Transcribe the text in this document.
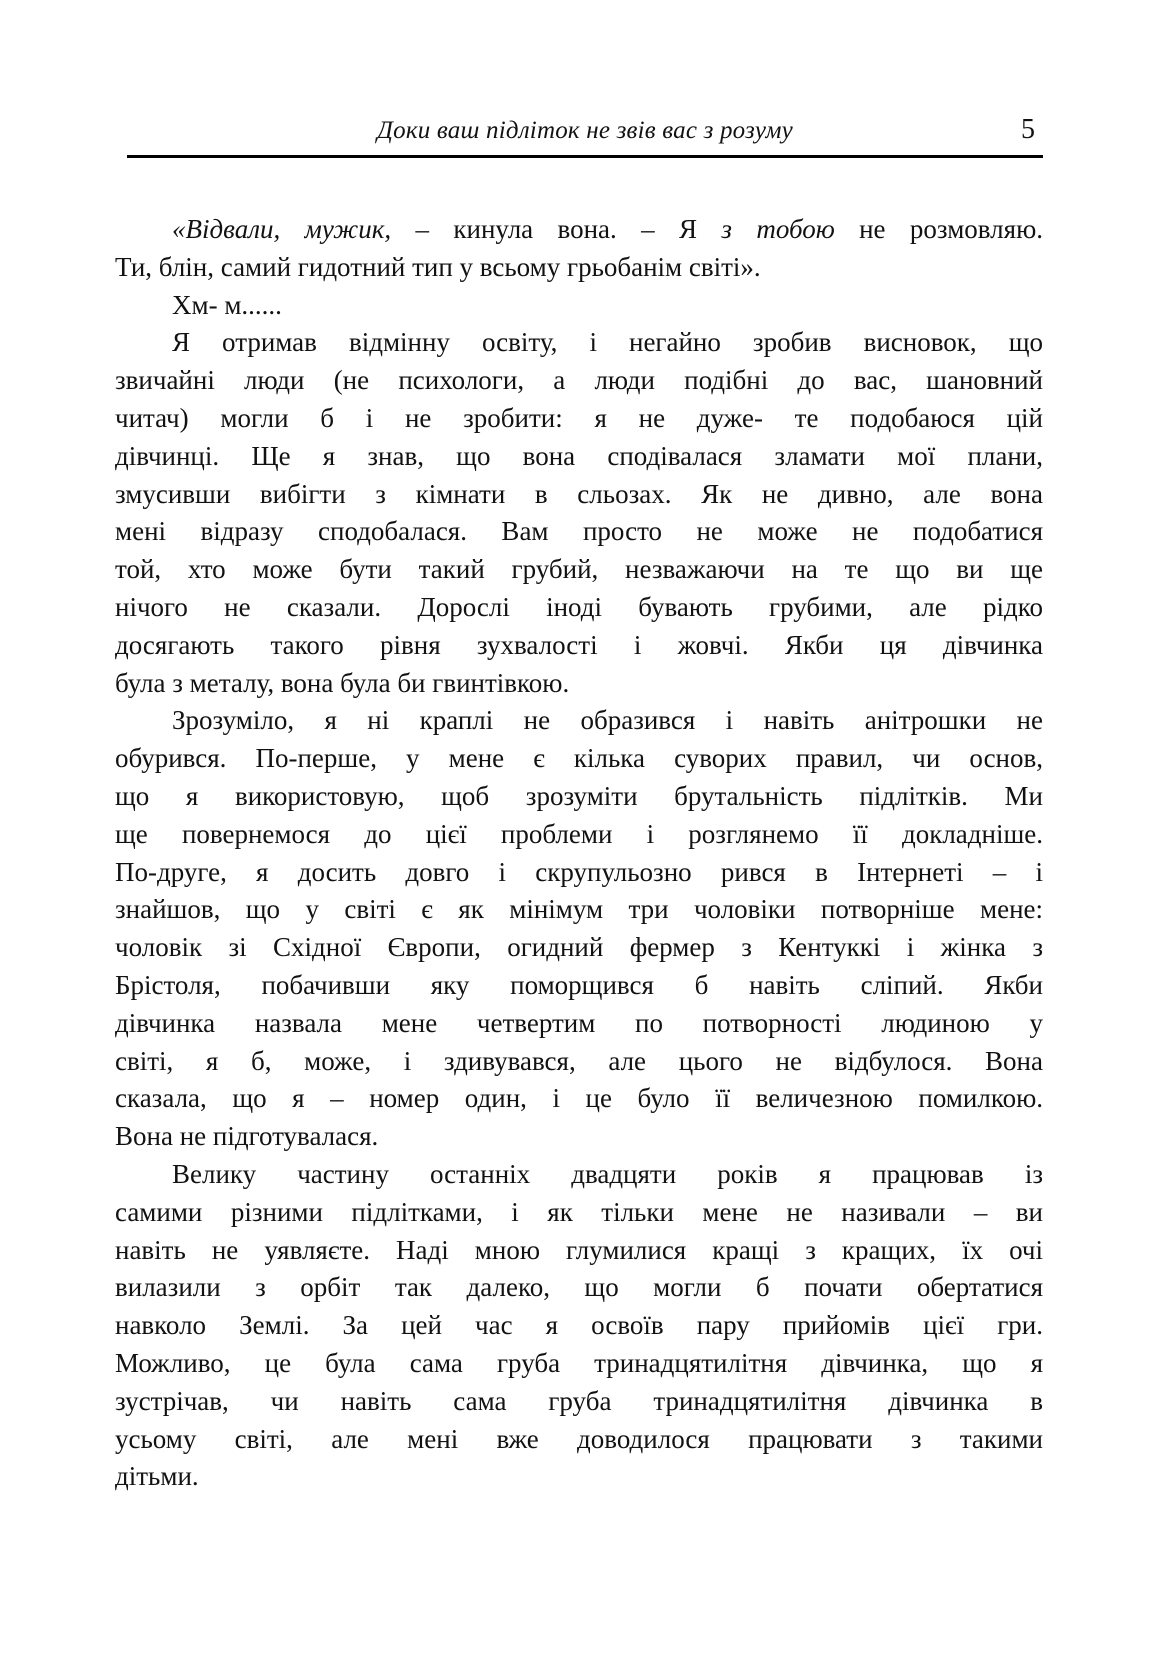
Доки ваш підліток не звів вас з розуму	5

«Відвали, мужик, – кинула вона. – Я з тобою не розмовляю.
Ти, блін, самий гидотний тип у всьому грьобанім світі».

Хм- м......

Я отримав відмінну освіту, і негайно зробив висновок, що
звичайні люди (не психологи, а люди подібні до вас, шановний
читач) могли б і не зробити: я не дуже- те подобаюся цій
дівчинці. Ще я знав, що вона сподівалася зламати мої плани,
змусивши вибігти з кімнати в сльозах. Як не дивно, але вона
мені відразу сподобалася. Вам просто не може не подобатися
той, хто може бути такий грубий, незважаючи на те що ви ще
нічого не сказали. Дорослі іноді бувають грубими, але рідко
досягають такого рівня зухвалості і жовчі. Якби ця дівчинка
була з металу, вона була би гвинтівкою.

Зрозуміло, я ні краплі не образився і навіть анітрошки не
обурився. По-перше, у мене є кілька суворих правил, чи основ,
що я використовую, щоб зрозуміти брутальність підлітків. Ми
ще повернемося до цієї проблеми і розглянемо її докладніше.
По-друге, я досить довго і скрупульозно рився в Інтернеті – і
знайшов, що у світі є як мінімум три чоловіки потворніше мене:
чоловік зі Східної Європи, огидний фермер з Кентуккі і жінка з
Брістоля, побачивши яку поморщився б навіть сліпий. Якби
дівчинка назвала мене четвертим по потворності людиною у
світі, я б, може, і здивувався, але цього не відбулося. Вона
сказала, що я – номер один, і це було її величезною помилкою.
Вона не підготувалася.

Велику частину останніх двадцяти років я працював із
самими різними підлітками, і як тільки мене не називали – ви
навіть не уявляєте. Наді мною глумилися кращі з кращих, їх очі
вилазили з орбіт так далеко, що могли б почати обертатися
навколо Землі. За цей час я освоїв пару прийомів цієї гри.
Можливо, це була сама груба тринадцятилітня дівчинка, що я
зустрічав, чи навіть сама груба тринадцятилітня дівчинка в
усьому світі, але мені вже доводилося працювати з такими
дітьми.
